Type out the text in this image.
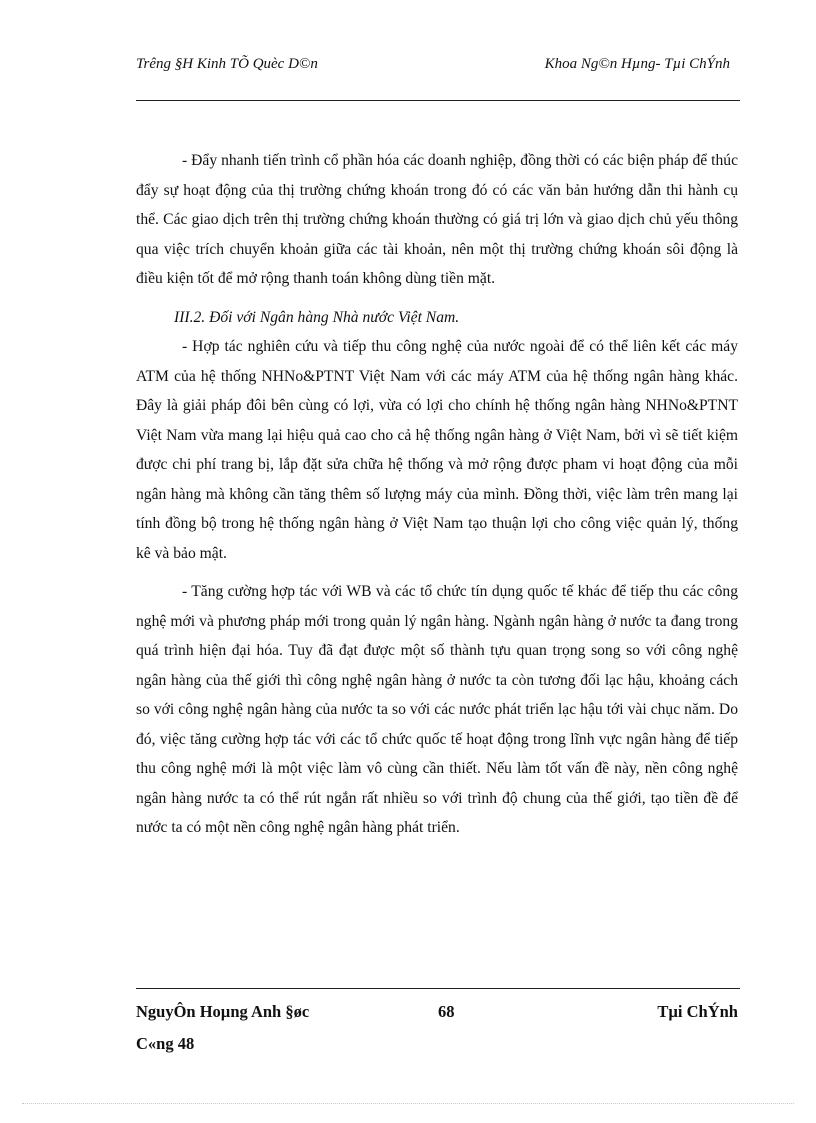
Trêng §H Kinh TÕ Quèc D©n	Khoa Ng©n Hµng- Tµi ChÝnh

- Đẩy nhanh tiến trình cổ phần hóa các doanh nghiệp, đồng thời có các biện pháp để thúc đẩy sự hoạt động của thị trường chứng khoán trong đó có các văn bản hướng dẫn thi hành cụ thể. Các giao dịch trên thị trường chứng khoán thường có giá trị lớn và giao dịch chủ yếu thông qua việc trích chuyển khoản giữa các tài khoản, nên một thị trường chứng khoán sôi động là điều kiện tốt để mở rộng thanh toán không dùng tiền mặt.

III.2. Đối với Ngân hàng Nhà nước Việt Nam.

- Hợp tác nghiên cứu và tiếp thu công nghệ của nước ngoài để có thể liên kết các máy ATM của hệ thống NHNo&PTNT Việt Nam với các máy ATM của hệ thống ngân hàng khác. Đây là giải pháp đôi bên cùng có lợi, vừa có lợi cho chính hệ thống ngân hàng NHNo&PTNT Việt Nam vừa mang lại hiệu quả cao cho cả hệ thống ngân hàng ở Việt Nam, bởi vì sẽ tiết kiệm được chi phí trang bị, lắp đặt sửa chữa hệ thống và mở rộng được pham vi hoạt động của mỗi ngân hàng mà không cần tăng thêm số lượng máy của mình. Đồng thời, việc làm trên mang lại tính đồng bộ trong hệ thống ngân hàng ở Việt Nam tạo thuận lợi cho công việc quản lý, thống kê và bảo mật.

- Tăng cường hợp tác với WB và các tổ chức tín dụng quốc tế khác để tiếp thu các công nghệ mới và phương pháp mới trong quản lý ngân hàng. Ngành ngân hàng ở nước ta đang trong quá trình hiện đại hóa. Tuy đã đạt được một số thành tựu quan trọng song so với công nghệ ngân hàng của thế giới thì công nghệ ngân hàng ở nước ta còn tương đối lạc hậu, khoảng cách so với công nghệ ngân hàng của nước ta so với các nước phát triển lạc hậu tới vài chục năm. Do đó, việc tăng cường hợp tác với các tổ chức quốc tế hoạt động trong lĩnh vực ngân hàng để tiếp thu công nghệ mới là một việc làm vô cùng cần thiết. Nếu làm tốt vấn đề này, nền công nghệ ngân hàng nước ta có thể rút ngắn rất nhiều so với trình độ chung của thế giới, tạo tiền đề để nước ta có một nền công nghệ ngân hàng phát triển.

NguyÔn Hoµng Anh §øc	68	Tµi ChÝnh
C«ng 48
